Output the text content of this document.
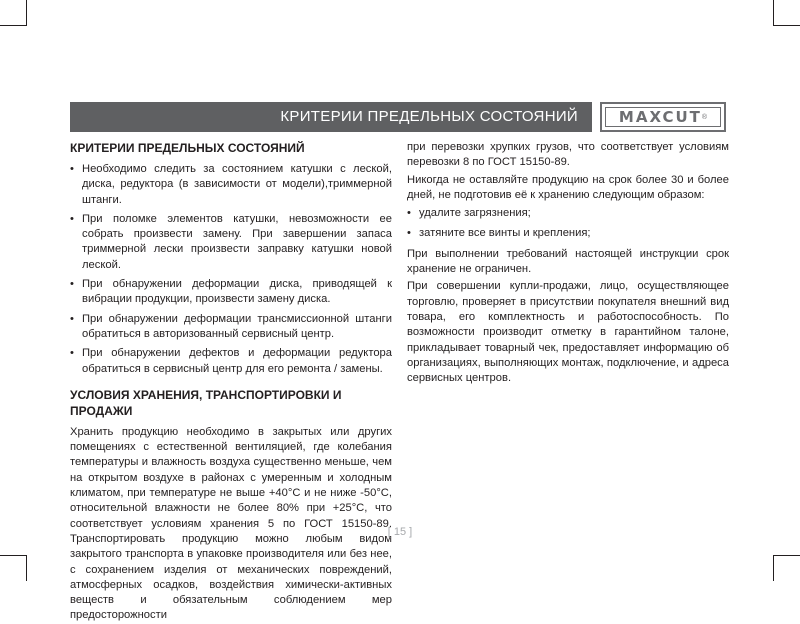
КРИТЕРИИ ПРЕДЕЛЬНЫХ СОСТОЯНИЙ	MAXCUT ®
КРИТЕРИИ ПРЕДЕЛЬНЫХ СОСТОЯНИЙ
• Необходимо следить за состоянием катушки с леской, диска, редуктора (в зависимости от модели),триммерной штанги.
• При поломке элементов катушки, невозможности ее собрать произвести замену. При завершении запаса триммерной лески произвести заправку катушки новой леской.
• При обнаружении деформации диска, приводящей к вибрации продукции, произвести замену диска.
• При обнаружении деформации трансмиссионной штанги обратиться в авторизованный сервисный центр.
• При обнаружении дефектов и деформации редуктора обратиться в сервисный центр для его ремонта / замены.
УСЛОВИЯ ХРАНЕНИЯ, ТРАНСПОРТИРОВКИ И ПРОДАЖИ

Хранить продукцию необходимо в закрытых или других помещениях с естественной вентиляцией, где колебания температуры и влажность воздуха существенно меньше, чем на открытом воздухе в районах с умеренным и холодным климатом, при температуре не выше +40°С и не ниже -50°С, относительной влажности не более 80% при +25°С, что соответствует условиям хранения 5 по ГОСТ 15150-89. Транспортировать продукцию можно любым видом закрытого транспорта в упаковке производителя или без нее, с сохранением изделия от механических повреждений, атмосферных осадков, воздействия химически-активных веществ и обязательным соблюдением мер предосторожности

при перевозки хрупких грузов, что соответствует условиям перевозки 8 по ГОСТ 15150-89.

Никогда не оставляйте продукцию на срок более 30 и более дней, не подготовив её к хранению следующим образом:

• удалите загрязнения;
• затяните все винты и крепления;

При выполнении требований настоящей инструкции срок хранение не ограничен.

При совершении купли-продажи, лицо, осуществляющее торговлю, проверяет в присутствии покупателя внешний вид товара, его комплектность и работоспособность. По возможности производит отметку в гарантийном талоне, прикладывает товарный чек, предоставляет информацию об организациях, выполняющих монтаж, подключение, и адреса сервисных центров.

[ 15 ]
